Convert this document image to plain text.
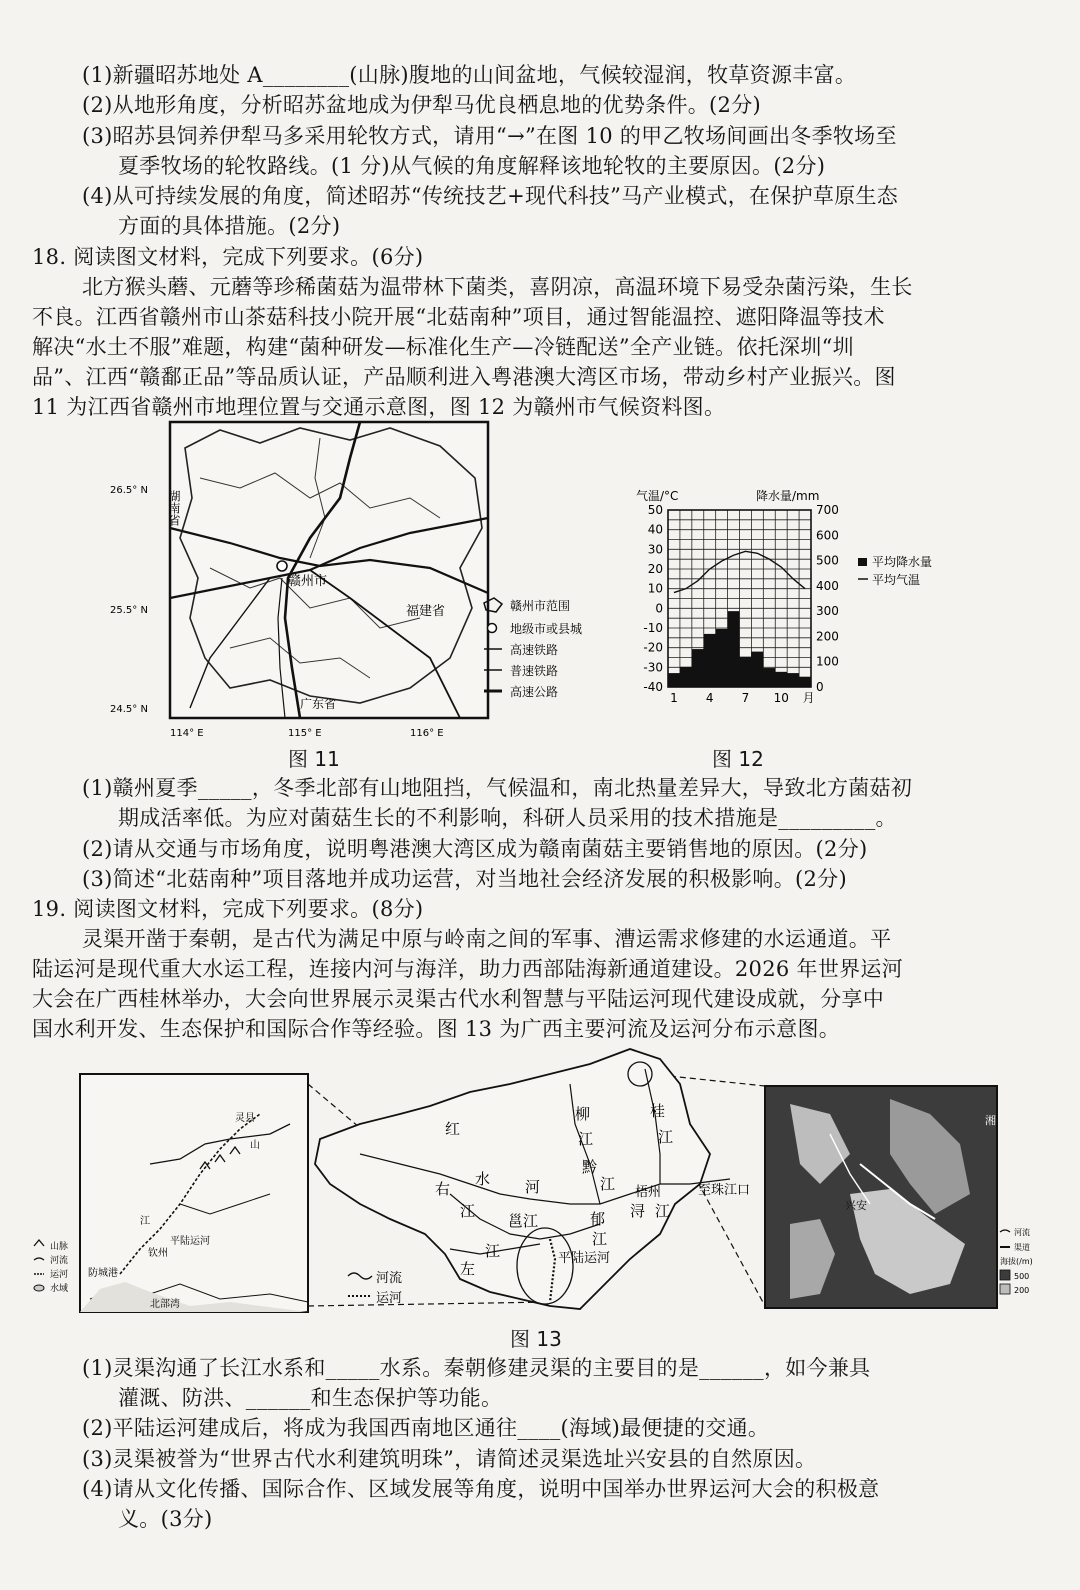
(1)新疆昭苏地处 A________(山脉)腹地的山间盆地，气候较湿润，牧草资源丰富。
(2)从地形角度，分析昭苏盆地成为伊犁马优良栖息地的优势条件。(2分)
(3)昭苏县饲养伊犁马多采用轮牧方式，请用“→”在图 10 的甲乙牧场间画出冬季牧场至
夏季牧场的轮牧路线。(1 分)从气候的角度解释该地轮牧的主要原因。(2分)
(4)从可持续发展的角度，简述昭苏“传统技艺+现代科技”马产业模式，在保护草原生态
方面的具体措施。(2分)
18. 阅读图文材料，完成下列要求。(6分)
北方猴头蘑、元蘑等珍稀菌菇为温带林下菌类，喜阴凉，高温环境下易受杂菌污染，生长
不良。江西省赣州市山茶菇科技小院开展“北菇南种”项目，通过智能温控、遮阳降温等技术
解决“水土不服”难题，构建“菌种研发—标准化生产—冷链配送”全产业链。依托深圳“圳
品”、江西“赣鄱正品”等品质认证，产品顺利进入粤港澳大湾区市场，带动乡村产业振兴。图
11 为江西省赣州市地理位置与交通示意图，图 12 为赣州市气候资料图。
26.5° N
25.5° N
24.5° N
114° E	115° E	116° E
湖南省
赣州市
福建省
广东省
赣州市范围
地级市或县城
高速铁路
普速铁路
高速公路
图 11
气温/°C	降水量/mm
-40
-30
-20
-10
0
10
20
30
40
50
0
100
200
300
400
500
600
700
1 4 7 10 月
平均降水量
平均气温
图 12
(1)赣州夏季_____，冬季北部有山地阻挡，气候温和，南北热量差异大，导致北方菌菇初
期成活率低。为应对菌菇生长的不利影响，科研人员采用的技术措施是_________。
(2)请从交通与市场角度，说明粤港澳大湾区成为赣南菌菇主要销售地的原因。(2分)
(3)简述“北菇南种”项目落地并成功运营，对当地社会经济发展的积极影响。(2分)
19. 阅读图文材料，完成下列要求。(8分)
灵渠开凿于秦朝，是古代为满足中原与岭南之间的军事、漕运需求修建的水运通道。平
陆运河是现代重大水运工程，连接内河与海洋，助力西部陆海新通道建设。2026 年世界运河
大会在广西桂林举办，大会向世界展示灵渠古代水利智慧与平陆运河现代建设成就，分享中
国水利开发、生态保护和国际合作等经验。图 13 为广西主要河流及运河分布示意图。
灵县
山
平陆运河
江
钦州
防城港
北部湾
山脉
河流
运河
水域
红
水 河
柳
江
桂
江
黔
江 梧州
浔 江
右
江
邕江	郁
江
左
江
至珠江口
平陆运河
河流
运河
湘
兴安
河流
渠道
海拔(/m)
500
200
图 13
(1)灵渠沟通了长江水系和_____水系。秦朝修建灵渠的主要目的是______，如今兼具
灌溉、防洪、______和生态保护等功能。
(2)平陆运河建成后，将成为我国西南地区通往____(海域)最便捷的交通。
(3)灵渠被誉为“世界古代水利建筑明珠”，请简述灵渠选址兴安县的自然原因。
(4)请从文化传播、国际合作、区域发展等角度，说明中国举办世界运河大会的积极意
义。(3分)
